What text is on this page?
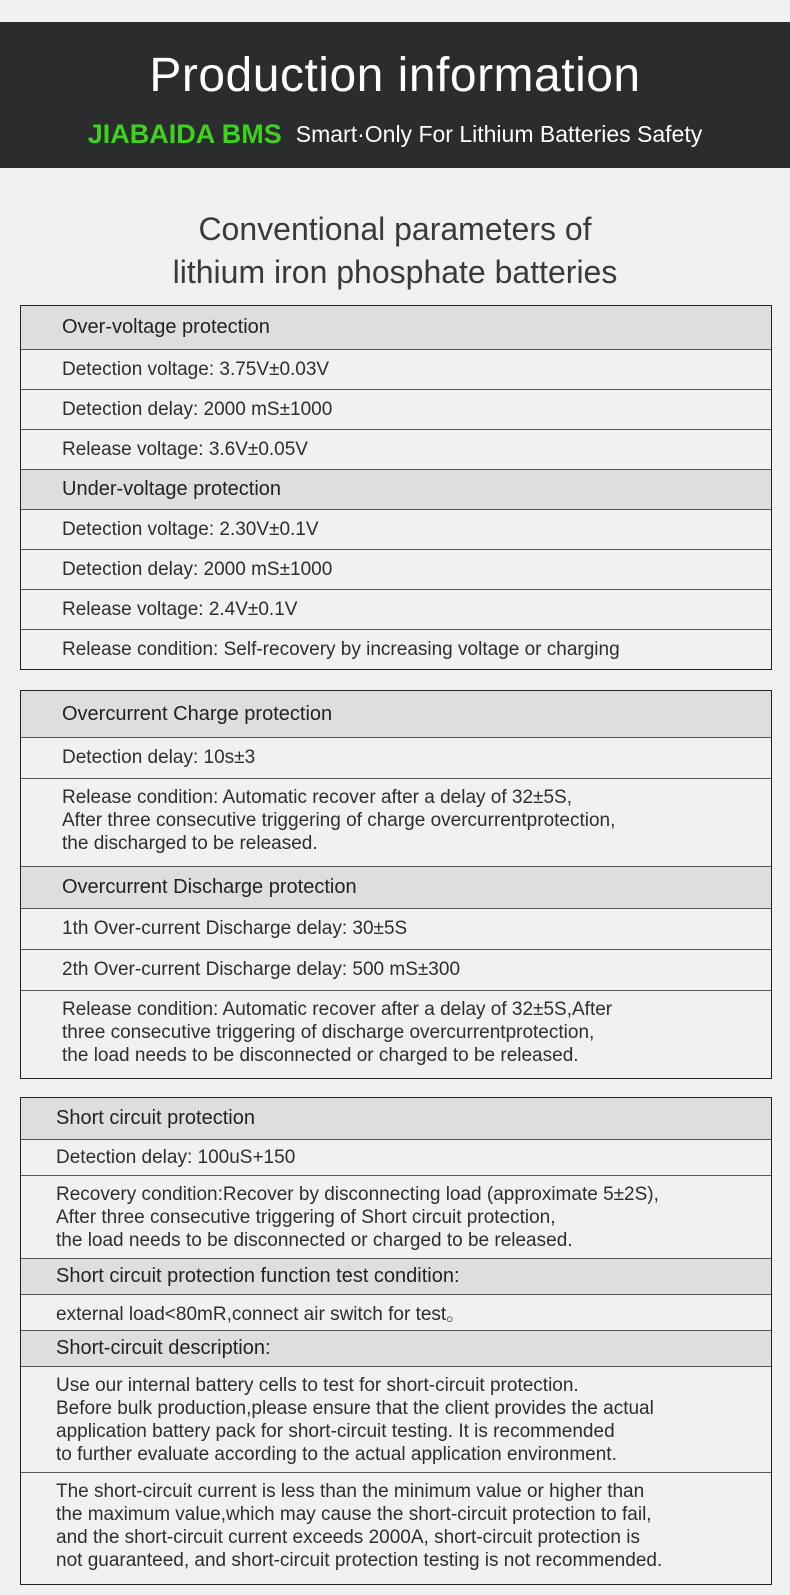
Production information
JIABAIDA BMS Smart·Only For Lithium Batteries Safety
Conventional parameters of
lithium iron phosphate batteries
Over-voltage protection
Detection voltage: 3.75V±0.03V
Detection delay: 2000 mS±1000
Release voltage: 3.6V±0.05V
Under-voltage protection
Detection voltage: 2.30V±0.1V
Detection delay: 2000 mS±1000
Release voltage: 2.4V±0.1V
Release condition: Self-recovery by increasing voltage or charging
Overcurrent Charge protection
Detection delay: 10s±3
Release condition: Automatic recover after a delay of 32±5S,
After three consecutive triggering of charge overcurrentprotection,
the discharged to be released.
Overcurrent Discharge protection
1th Over-current Discharge delay: 30±5S
2th Over-current Discharge delay: 500 mS±300
Release condition: Automatic recover after a delay of 32±5S,After
three consecutive triggering of discharge overcurrentprotection,
the load needs to be disconnected or charged to be released.
Short circuit protection
Detection delay: 100uS+150
Recovery condition:Recover by disconnecting load (approximate 5±2S),
After three consecutive triggering of Short circuit protection,
the load needs to be disconnected or charged to be released.
Short circuit protection function test condition:
external load<80mR,connect air switch for test。
Short-circuit description:
Use our internal battery cells to test for short-circuit protection.
Before bulk production,please ensure that the client provides the actual
application battery pack for short-circuit testing. It is recommended
to further evaluate according to the actual application environment.
The short-circuit current is less than the minimum value or higher than
the maximum value,which may cause the short-circuit protection to fail,
and the short-circuit current exceeds 2000A, short-circuit protection is
not guaranteed, and short-circuit protection testing is not recommended.
